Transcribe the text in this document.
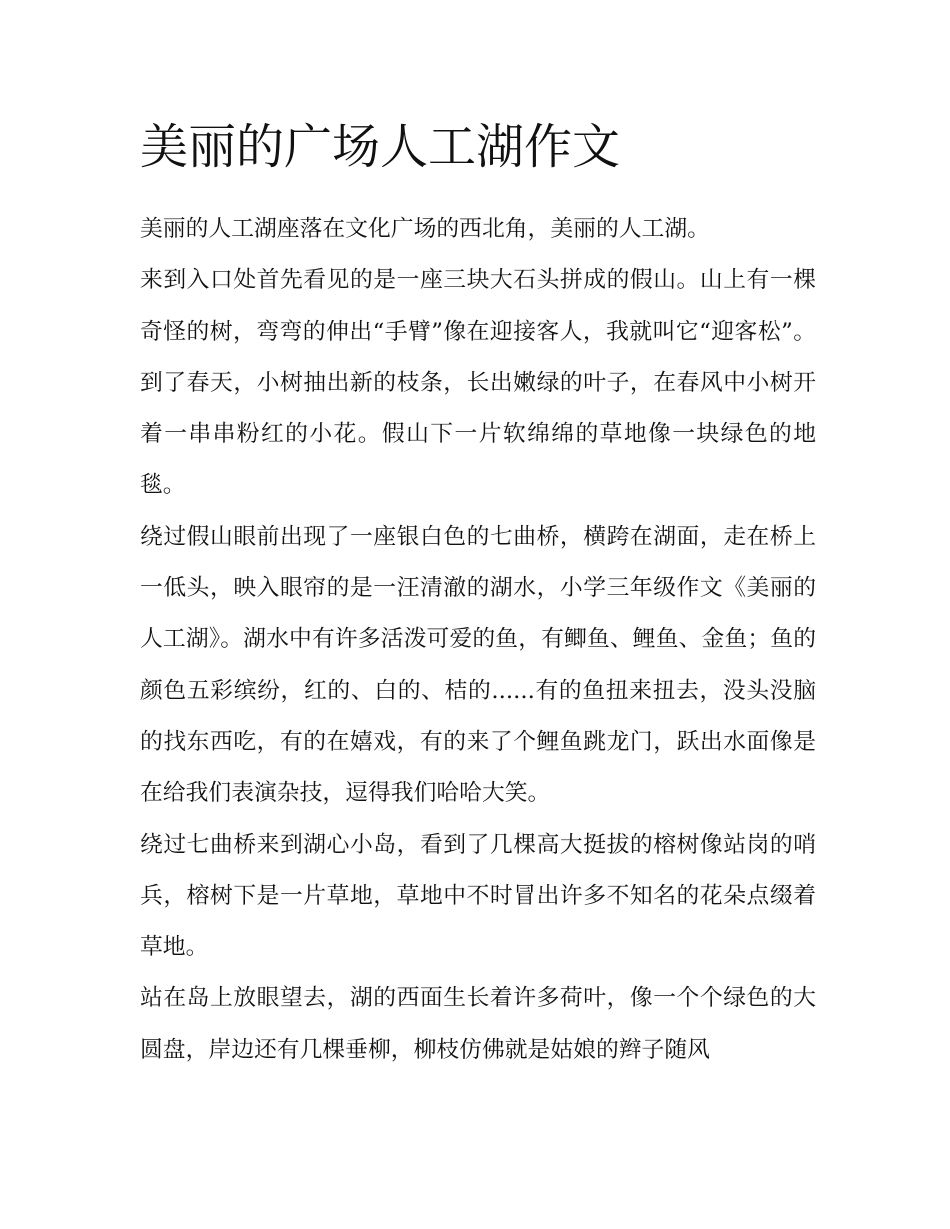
美丽的广场人工湖作文

美丽的人工湖座落在文化广场的西北角，美丽的人工湖。

来到入口处首先看见的是一座三块大石头拼成的假山。山上有一棵奇怪的树，弯弯的伸出“手臂”像在迎接客人，我就叫它“迎客松”。到了春天，小树抽出新的枝条，长出嫩绿的叶子，在春风中小树开着一串串粉红的小花。假山下一片软绵绵的草地像一块绿色的地毯。

绕过假山眼前出现了一座银白色的七曲桥，横跨在湖面，走在桥上一低头，映入眼帘的是一汪清澈的湖水，小学三年级作文《美丽的人工湖》。湖水中有许多活泼可爱的鱼，有鲫鱼、鲤鱼、金鱼；鱼的颜色五彩缤纷，红的、白的、桔的......有的鱼扭来扭去，没头没脑的找东西吃，有的在嬉戏，有的来了个鲤鱼跳龙门，跃出水面像是在给我们表演杂技，逗得我们哈哈大笑。

绕过七曲桥来到湖心小岛，看到了几棵高大挺拔的榕树像站岗的哨兵，榕树下是一片草地，草地中不时冒出许多不知名的花朵点缀着草地。

站在岛上放眼望去，湖的西面生长着许多荷叶，像一个个绿色的大圆盘，岸边还有几棵垂柳，柳枝仿佛就是姑娘的辫子随风
